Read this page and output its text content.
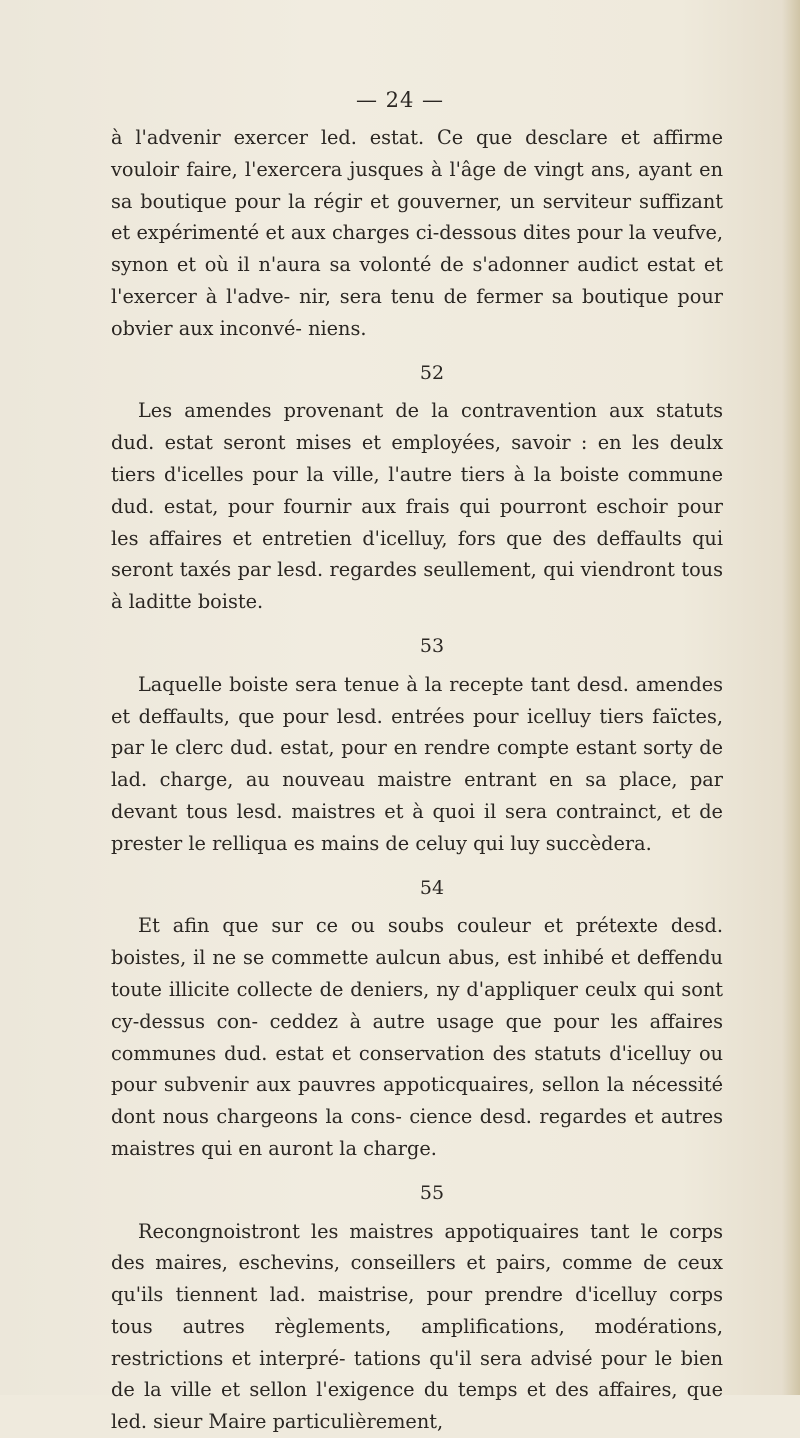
— 24 —

à l'advenir exercer led. estat. Ce que desclare et affirme vouloir faire, l'exercera jusques à l'âge de vingt ans, ayant en sa boutique pour la régir et gouverner, un serviteur suffizant et expérimenté et aux charges ci-dessous dites pour la veufve, synon et où il n'aura sa volonté de s'adonner audict estat et l'exercer à l'adve- nir, sera tenu de fermer sa boutique pour obvier aux inconvé- niens.

52

Les amendes provenant de la contravention aux statuts dud. estat seront mises et employées, savoir : en les deulx tiers d'icelles pour la ville, l'autre tiers à la boiste commune dud. estat, pour fournir aux frais qui pourront eschoir pour les affaires et entretien d'icelluy, fors que des deffaults qui seront taxés par lesd. regardes seullement, qui viendront tous à laditte boiste.

53

Laquelle boiste sera tenue à la recepte tant desd. amendes et deffaults, que pour lesd. entrées pour icelluy tiers faïctes, par le clerc dud. estat, pour en rendre compte estant sorty de lad. charge, au nouveau maistre entrant en sa place, par devant tous lesd. maistres et à quoi il sera contrainct, et de prester le relliqua es mains de celuy qui luy succèdera.

54

Et afin que sur ce ou soubs couleur et prétexte desd. boistes, il ne se commette aulcun abus, est inhibé et deffendu toute illicite collecte de deniers, ny d'appliquer ceulx qui sont cy-dessus con- ceddez à autre usage que pour les affaires communes dud. estat et conservation des statuts d'icelluy ou pour subvenir aux pauvres appoticquaires, sellon la nécessité dont nous chargeons la cons- cience desd. regardes et autres maistres qui en auront la charge.

55

Recongnoistront les maistres appotiquaires tant le corps des maires, eschevins, conseillers et pairs, comme de ceux qu'ils tiennent lad. maistrise, pour prendre d'icelluy corps tous autres règlements, amplifications, modérations, restrictions et interpré- tations qu'il sera advisé pour le bien de la ville et sellon l'exigence du temps et des affaires, que led. sieur Maire particulièrement,
